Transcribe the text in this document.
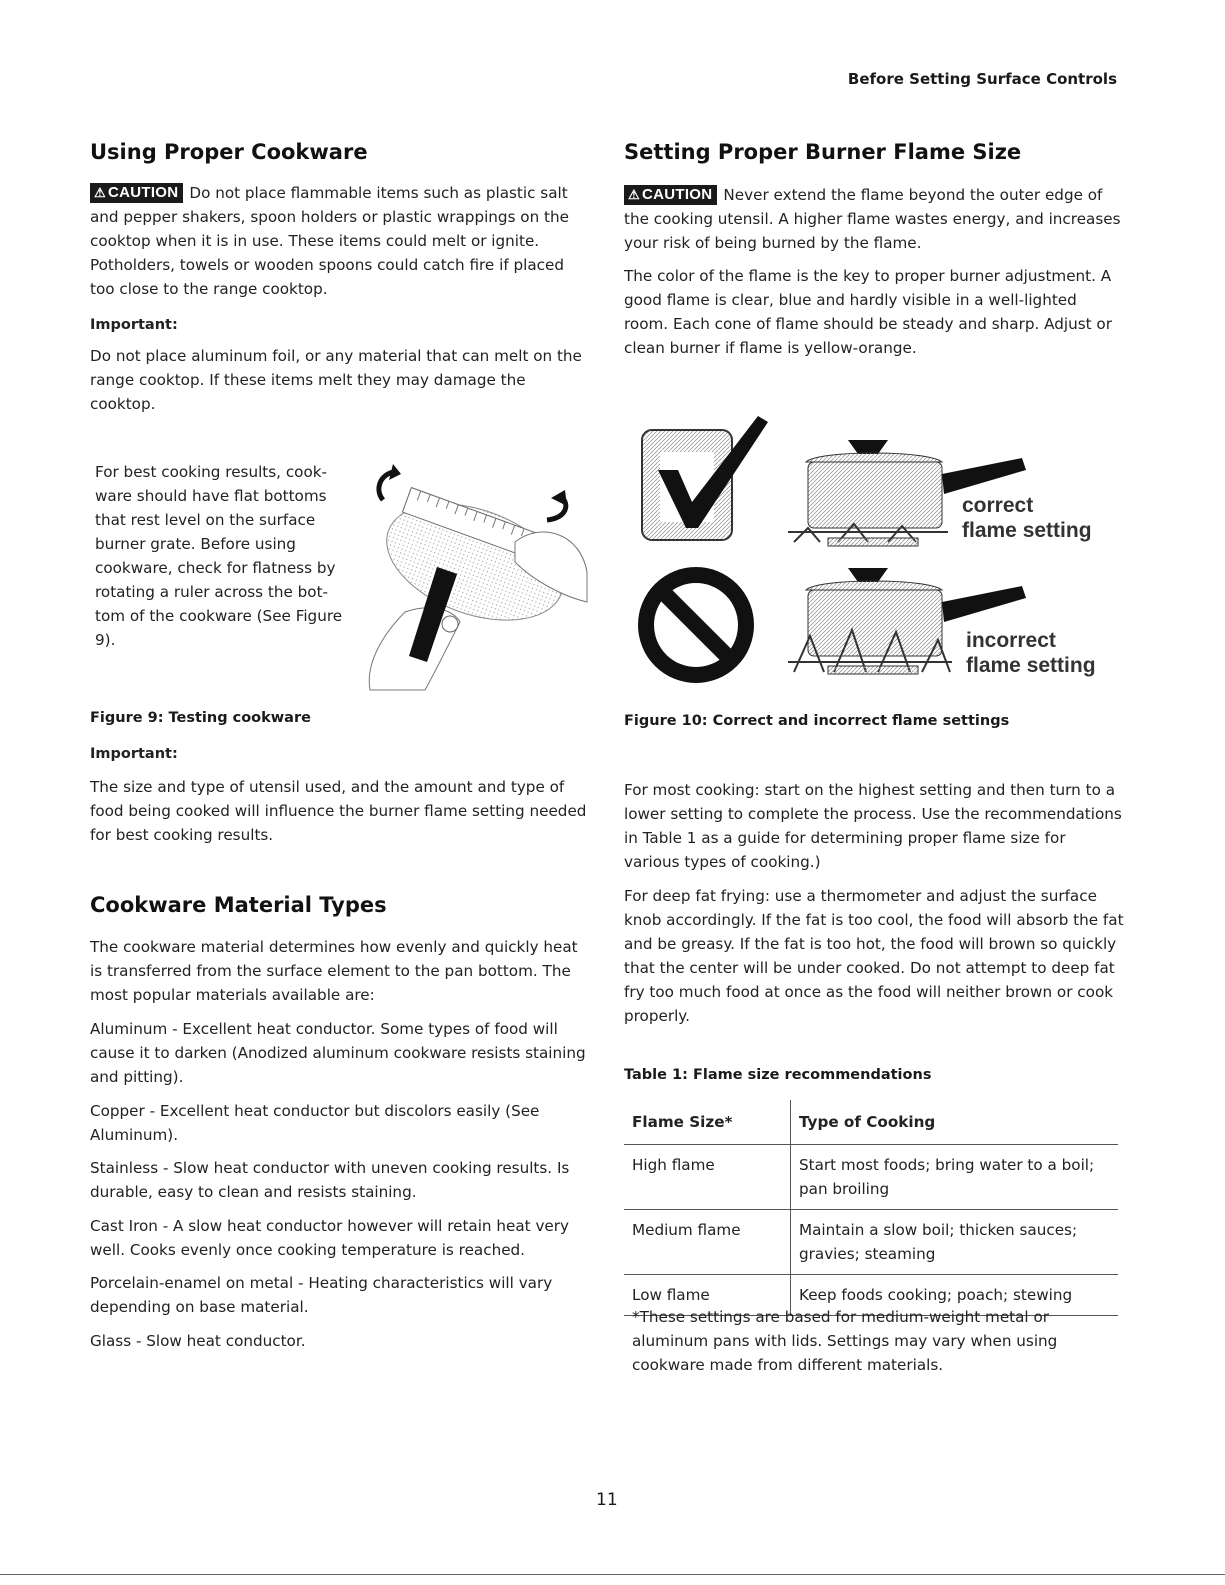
Before Setting Surface Controls
Using Proper Cookware

⚠ CAUTION Do not place flammable items such as plastic salt and pepper shakers, spoon holders or plastic wrappings on the cooktop when it is in use. These items could melt or ignite. Potholders, towels or wooden spoons could catch fire if placed too close to the range cooktop.

Important:

Do not place aluminum foil, or any material that can melt on the range cooktop. If these items melt they may damage the cooktop.

For best cooking results, cook-ware should have flat bottoms that rest level on the surface burner grate. Before using cookware, check for flatness by rotating a ruler across the bot-tom of the cookware (See Figure 9).

Figure 9: Testing cookware

Important:

The size and type of utensil used, and the amount and type of food being cooked will influence the burner flame setting needed for best cooking results.

Cookware Material Types

The cookware material determines how evenly and quickly heat is transferred from the surface element to the pan bottom. The most popular materials available are:

Aluminum - Excellent heat conductor. Some types of food will cause it to darken (Anodized aluminum cookware resists staining and pitting).

Copper - Excellent heat conductor but discolors easily (See Aluminum).

Stainless - Slow heat conductor with uneven cooking results. Is durable, easy to clean and resists staining.

Cast Iron - A slow heat conductor however will retain heat very well. Cooks evenly once cooking temperature is reached.

Porcelain-enamel on metal - Heating characteristics will vary depending on base material.

Glass - Slow heat conductor.

Setting Proper Burner Flame Size

⚠ CAUTION Never extend the flame beyond the outer edge of the cooking utensil. A higher flame wastes energy, and increases your risk of being burned by the flame.

The color of the flame is the key to proper burner adjustment. A good flame is clear, blue and hardly visible in a well-lighted room. Each cone of flame should be steady and sharp. Adjust or clean burner if flame is yellow-orange.

correct
flame setting
incorrect
flame setting

Figure 10: Correct and incorrect flame settings

For most cooking: start on the highest setting and then turn to a lower setting to complete the process. Use the recommendations in Table 1 as a guide for determining proper flame size for various types of cooking.)

For deep fat frying: use a thermometer and adjust the surface knob accordingly. If the fat is too cool, the food will absorb the fat and be greasy. If the fat is too hot, the food will brown so quickly that the center will be under cooked. Do not attempt to deep fat fry too much food at once as the food will neither brown or cook properly.

Table 1: Flame size recommendations

Flame Size*	Type of Cooking
High flame	Start most foods; bring water to a boil; pan broiling
Medium flame	Maintain a slow boil; thicken sauces; gravies; steaming
Low flame	Keep foods cooking; poach; stewing

*These settings are based for medium-weight metal or aluminum pans with lids. Settings may vary when using cookware made from different materials.

11
